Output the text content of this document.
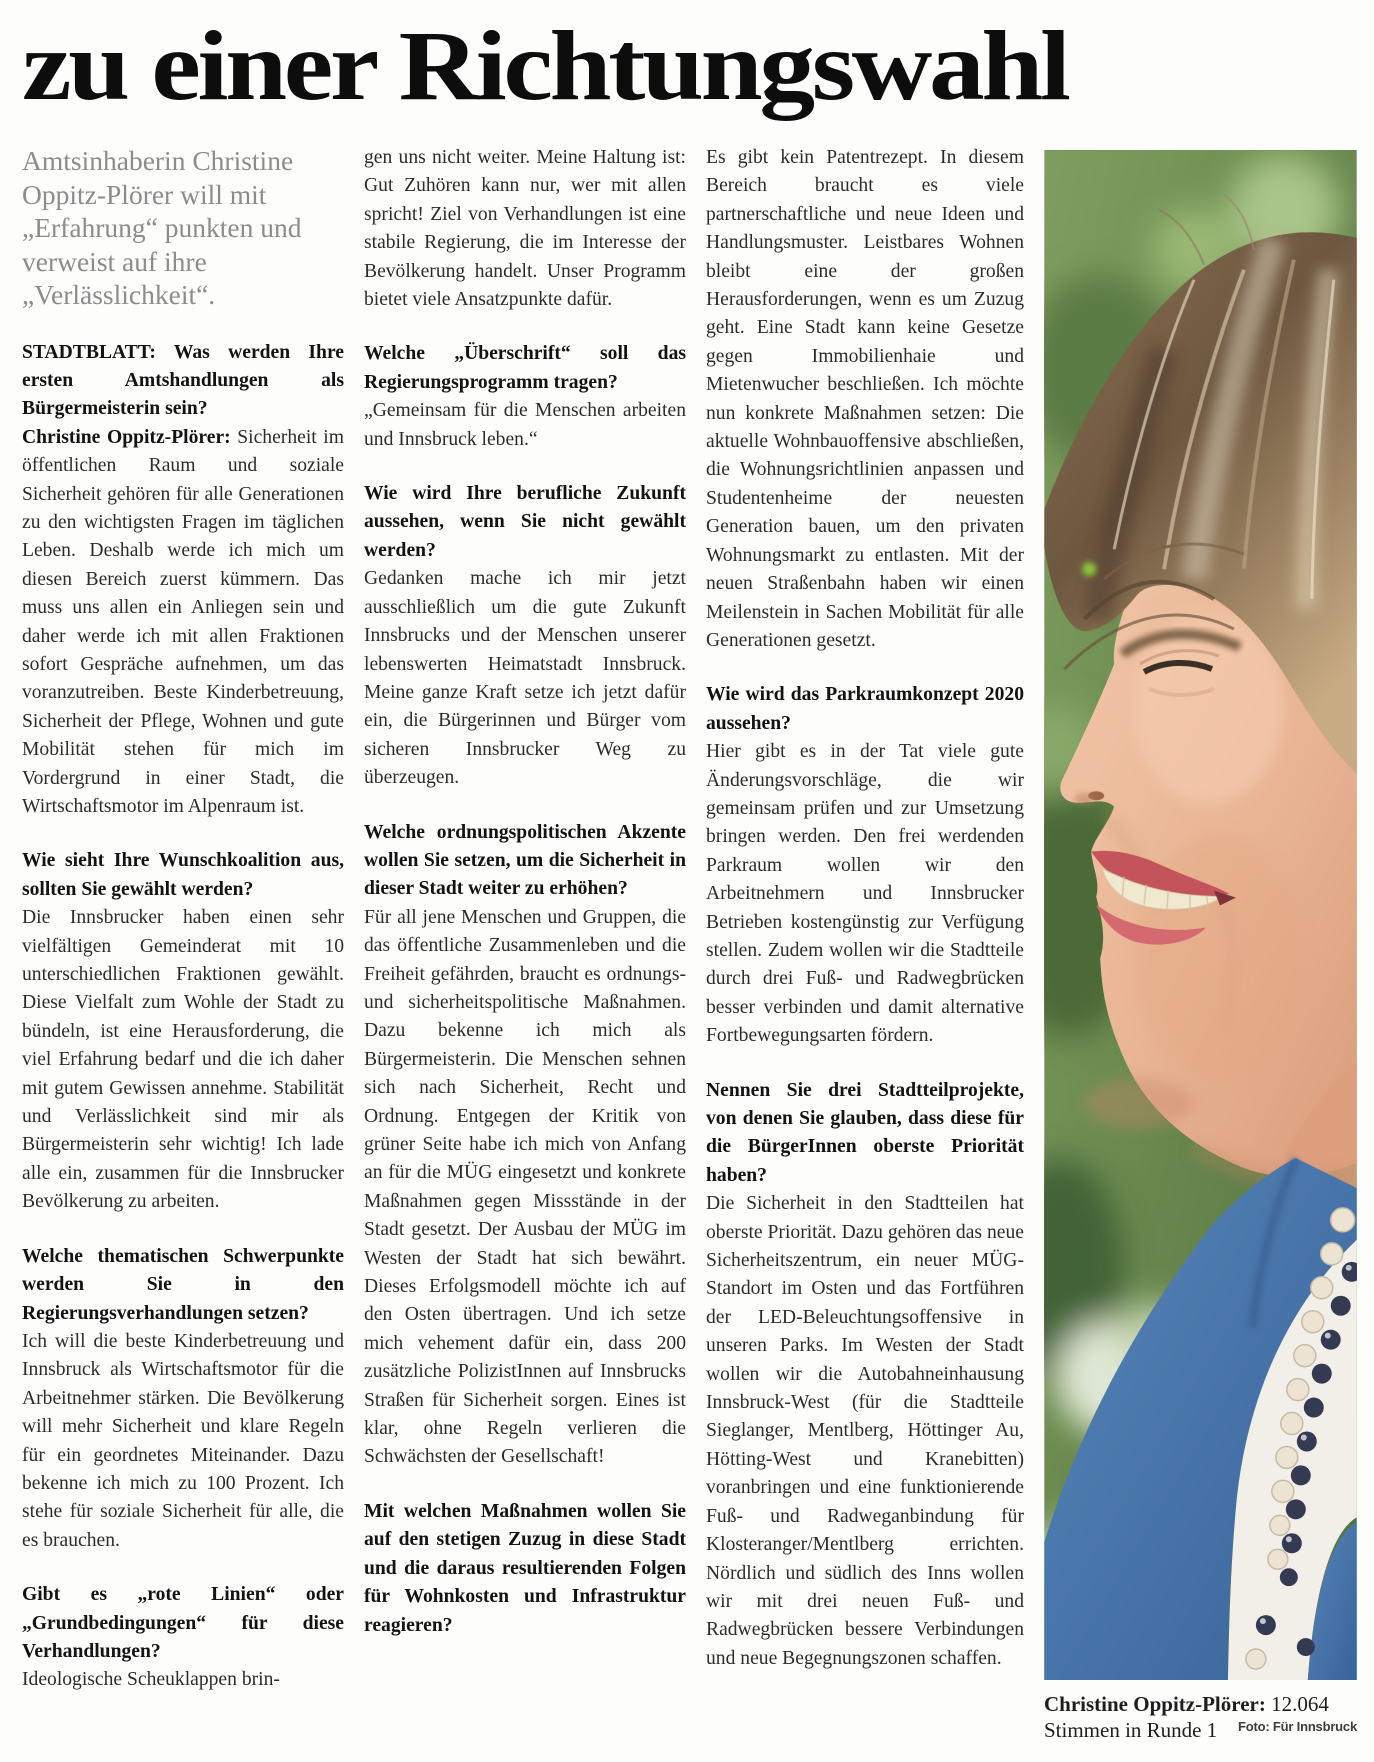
zu einer Richtungswahl

Amtsinhaberin Christine Oppitz-Plörer will mit „Erfahrung“ punkten und verweist auf ihre „Verlässlichkeit“.

STADTBLATT: Was werden Ihre ersten Amtshandlungen als Bürgermeisterin sein?

Christine Oppitz-Plörer: Sicherheit im öffentlichen Raum und soziale Sicherheit gehören für alle Generationen zu den wichtigsten Fragen im täglichen Leben. Deshalb werde ich mich um diesen Bereich zuerst kümmern. Das muss uns allen ein Anliegen sein und daher werde ich mit allen Fraktionen sofort Gespräche aufnehmen, um das voranzutreiben. Beste Kinderbetreuung, Sicherheit der Pflege, Wohnen und gute Mobilität stehen für mich im Vordergrund in einer Stadt, die Wirtschaftsmotor im Alpenraum ist.

Wie sieht Ihre Wunschkoalition aus, sollten Sie gewählt werden?

Die Innsbrucker haben einen sehr vielfältigen Gemeinderat mit 10 unterschiedlichen Fraktionen gewählt. Diese Vielfalt zum Wohle der Stadt zu bündeln, ist eine Herausforderung, die viel Erfahrung bedarf und die ich daher mit gutem Gewissen annehme. Stabilität und Verlässlichkeit sind mir als Bürgermeisterin sehr wichtig! Ich lade alle ein, zusammen für die Innsbrucker Bevölkerung zu arbeiten.

Welche thematischen Schwerpunkte werden Sie in den Regierungsverhandlungen setzen?

Ich will die beste Kinderbetreuung und Innsbruck als Wirtschaftsmotor für die Arbeitnehmer stärken. Die Bevölkerung will mehr Sicherheit und klare Regeln für ein geordnetes Miteinander. Dazu bekenne ich mich zu 100 Prozent. Ich stehe für soziale Sicherheit für alle, die es brauchen.

Gibt es „rote Linien“ oder „Grundbedingungen“ für diese Verhandlungen?

Ideologische Scheuklappen brin-

gen uns nicht weiter. Meine Haltung ist: Gut Zuhören kann nur, wer mit allen spricht! Ziel von Verhandlungen ist eine stabile Regierung, die im Interesse der Bevölkerung handelt. Unser Programm bietet viele Ansatzpunkte dafür.

Welche „Überschrift“ soll das Regierungsprogramm tragen?

„Gemeinsam für die Menschen arbeiten und Innsbruck leben.“

Wie wird Ihre berufliche Zukunft aussehen, wenn Sie nicht gewählt werden?

Gedanken mache ich mir jetzt ausschließlich um die gute Zukunft Innsbrucks und der Menschen unserer lebenswerten Heimatstadt Innsbruck. Meine ganze Kraft setze ich jetzt dafür ein, die Bürgerinnen und Bürger vom sicheren Innsbrucker Weg zu überzeugen.

Welche ordnungspolitischen Akzente wollen Sie setzen, um die Sicherheit in dieser Stadt weiter zu erhöhen?

Für all jene Menschen und Gruppen, die das öffentliche Zusammenleben und die Freiheit gefährden, braucht es ordnungs- und sicherheitspolitische Maßnahmen. Dazu bekenne ich mich als Bürgermeisterin. Die Menschen sehnen sich nach Sicherheit, Recht und Ordnung. Entgegen der Kritik von grüner Seite habe ich mich von Anfang an für die MÜG eingesetzt und konkrete Maßnahmen gegen Missstände in der Stadt gesetzt. Der Ausbau der MÜG im Westen der Stadt hat sich bewährt. Dieses Erfolgsmodell möchte ich auf den Osten übertragen. Und ich setze mich vehement dafür ein, dass 200 zusätzliche PolizistInnen auf Innsbrucks Straßen für Sicherheit sorgen. Eines ist klar, ohne Regeln verlieren die Schwächsten der Gesellschaft!

Mit welchen Maßnahmen wollen Sie auf den stetigen Zuzug in diese Stadt und die daraus resultierenden Folgen für Wohnkosten und Infrastruktur reagieren?

Es gibt kein Patentrezept. In diesem Bereich braucht es viele partnerschaftliche und neue Ideen und Handlungsmuster. Leistbares Wohnen bleibt eine der großen Herausforderungen, wenn es um Zuzug geht. Eine Stadt kann keine Gesetze gegen Immobilienhaie und Mietenwucher beschließen. Ich möchte nun konkrete Maßnahmen setzen: Die aktuelle Wohnbauoffensive abschließen, die Wohnungsrichtlinien anpassen und Studentenheime der neuesten Generation bauen, um den privaten Wohnungsmarkt zu entlasten. Mit der neuen Straßenbahn haben wir einen Meilenstein in Sachen Mobilität für alle Generationen gesetzt.

Wie wird das Parkraumkonzept 2020 aussehen?

Hier gibt es in der Tat viele gute Änderungsvorschläge, die wir gemeinsam prüfen und zur Umsetzung bringen werden. Den frei werdenden Parkraum wollen wir den Arbeitnehmern und Innsbrucker Betrieben kostengünstig zur Verfügung stellen. Zudem wollen wir die Stadtteile durch drei Fuß- und Radwegbrücken besser verbinden und damit alternative Fortbewegungsarten fördern.

Nennen Sie drei Stadtteilprojekte, von denen Sie glauben, dass diese für die BürgerInnen oberste Priorität haben?

Die Sicherheit in den Stadtteilen hat oberste Priorität. Dazu gehören das neue Sicherheitszentrum, ein neuer MÜG-Standort im Osten und das Fortführen der LED-Beleuchtungsoffensive in unseren Parks. Im Westen der Stadt wollen wir die Autobahneinhausung Innsbruck-West (für die Stadtteile Sieglanger, Mentlberg, Höttinger Au, Hötting-West und Kranebitten) voranbringen und eine funktionierende Fuß- und Radweganbindung für Klosteranger/Mentlberg errichten. Nördlich und südlich des Inns wollen wir mit drei neuen Fuß- und Radwegbrücken bessere Verbindungen und neue Begegnungszonen schaffen.

Christine Oppitz-Plörer: 12.064
Stimmen in Runde 1 Foto: Für Innsbruck
